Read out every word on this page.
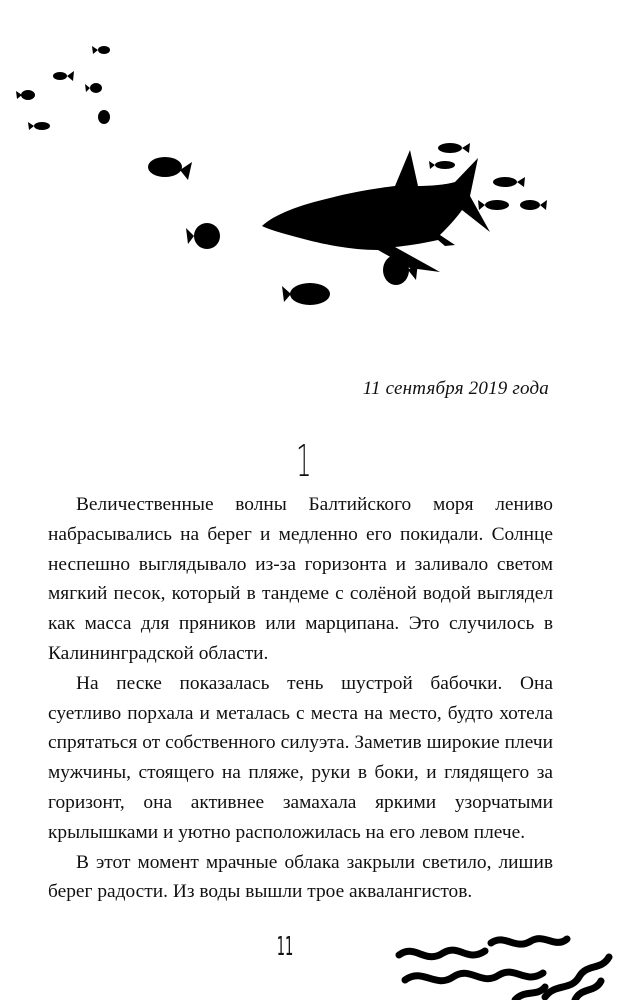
11 сентября 2019 года
1

Величественные волны Балтийского моря лениво набрасывались на берег и медленно его покидали. Солнце неспешно выглядывало из-за горизонта и заливало светом мягкий песок, который в тандеме с солёной водой выглядел как масса для пряников или марципана. Это случилось в Калининградской области.

На песке показалась тень шустрой бабочки. Она суетливо порхала и металась с места на место, будто хотела спрятаться от собственного силуэта. Заметив широкие плечи мужчины, стоящего на пляже, руки в боки, и глядящего за горизонт, она активнее замахала яркими узорчатыми крылышками и уютно расположилась на его левом плече.

В этот момент мрачные облака закрыли светило, лишив берег радости. Из воды вышли трое аквалангистов.

11
